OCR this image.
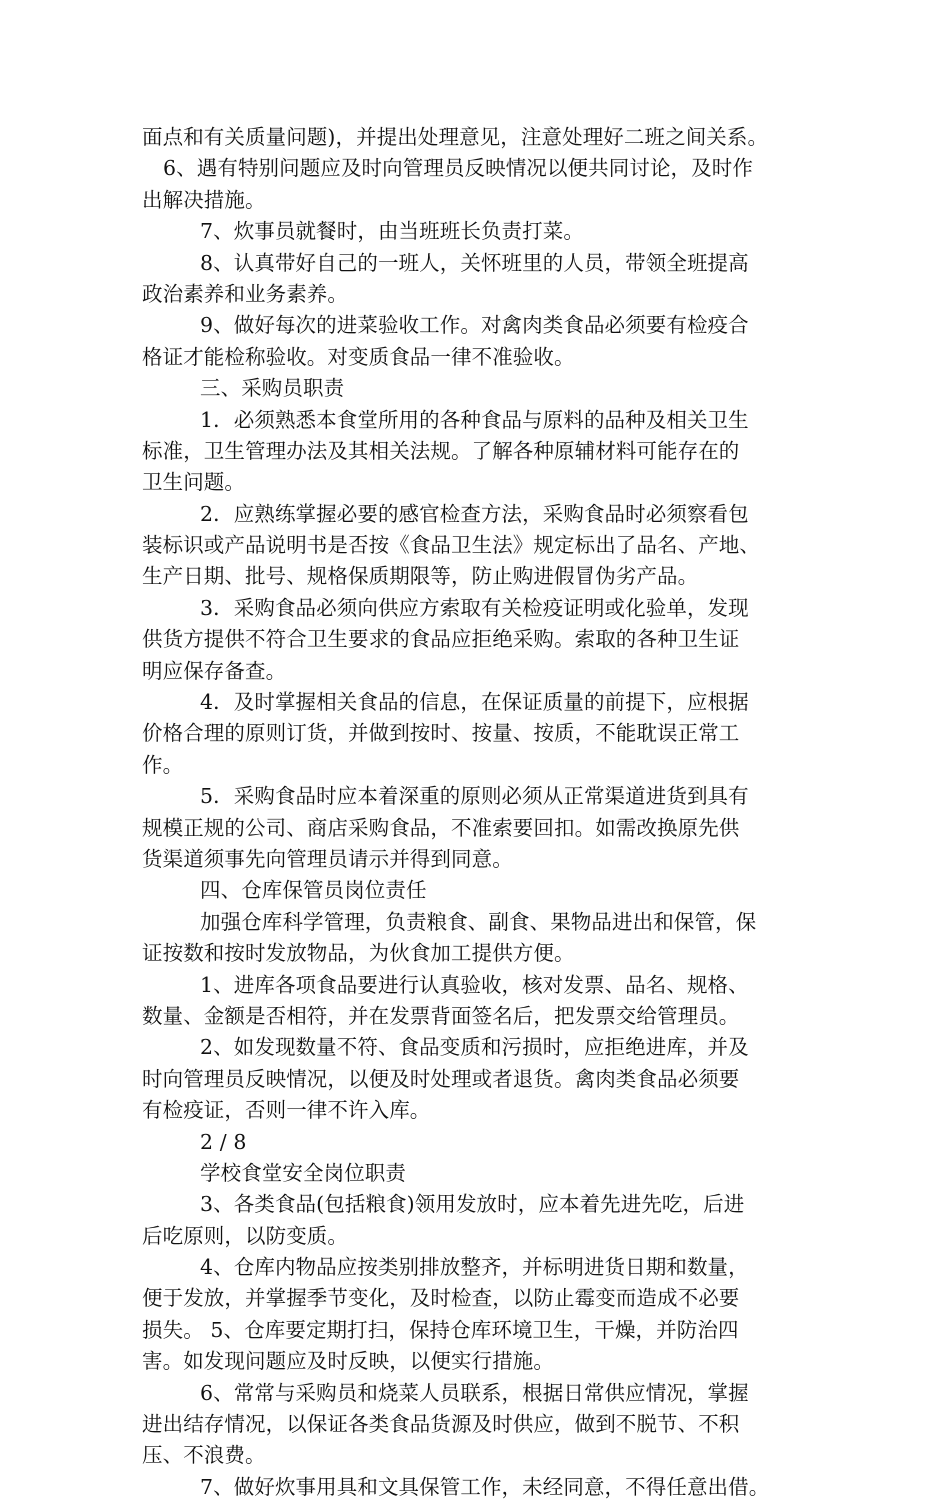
面点和有关质量问题)，并提出处理意见，注意处理好二班之间关系。
6、遇有特别问题应及时向管理员反映情况以便共同讨论，及时作
出解决措施。
7、炊事员就餐时，由当班班长负责打菜。
8、认真带好自己的一班人，关怀班里的人员，带领全班提高
政治素养和业务素养。
9、做好每次的进菜验收工作。对禽肉类食品必须要有检疫合
格证才能检称验收。对变质食品一律不准验收。
三、采购员职责
1．必须熟悉本食堂所用的各种食品与原料的品种及相关卫生
标准，卫生管理办法及其相关法规。了解各种原辅材料可能存在的
卫生问题。
2．应熟练掌握必要的感官检查方法，采购食品时必须察看包
装标识或产品说明书是否按《食品卫生法》规定标出了品名、产地、
生产日期、批号、规格保质期限等，防止购进假冒伪劣产品。
3．采购食品必须向供应方索取有关检疫证明或化验单，发现
供货方提供不符合卫生要求的食品应拒绝采购。索取的各种卫生证
明应保存备查。
4．及时掌握相关食品的信息，在保证质量的前提下，应根据
价格合理的原则订货，并做到按时、按量、按质，不能耽误正常工
作。
5．采购食品时应本着深重的原则必须从正常渠道进货到具有
规模正规的公司、商店采购食品，不准索要回扣。如需改换原先供
货渠道须事先向管理员请示并得到同意。
四、仓库保管员岗位责任
加强仓库科学管理，负责粮食、副食、果物品进出和保管，保
证按数和按时发放物品，为伙食加工提供方便。
1、进库各项食品要进行认真验收，核对发票、品名、规格、
数量、金额是否相符，并在发票背面签名后，把发票交给管理员。
2、如发现数量不符、食品变质和污损时，应拒绝进库，并及
时向管理员反映情况，以便及时处理或者退货。禽肉类食品必须要
有检疫证，否则一律不许入库。
2 / 8
学校食堂安全岗位职责
3、各类食品(包括粮食)领用发放时，应本着先进先吃，后进
后吃原则，以防变质。
4、仓库内物品应按类别排放整齐，并标明进货日期和数量，
便于发放，并掌握季节变化，及时检查，以防止霉变而造成不必要
损失。 5、仓库要定期打扫，保持仓库环境卫生，干燥，并防治四
害。如发现问题应及时反映，以便实行措施。
6、常常与采购员和烧菜人员联系，根据日常供应情况，掌握
进出结存情况，以保证各类食品货源及时供应，做到不脱节、不积
压、不浪费。
7、做好炊事用具和文具保管工作，未经同意，不得任意出借。
